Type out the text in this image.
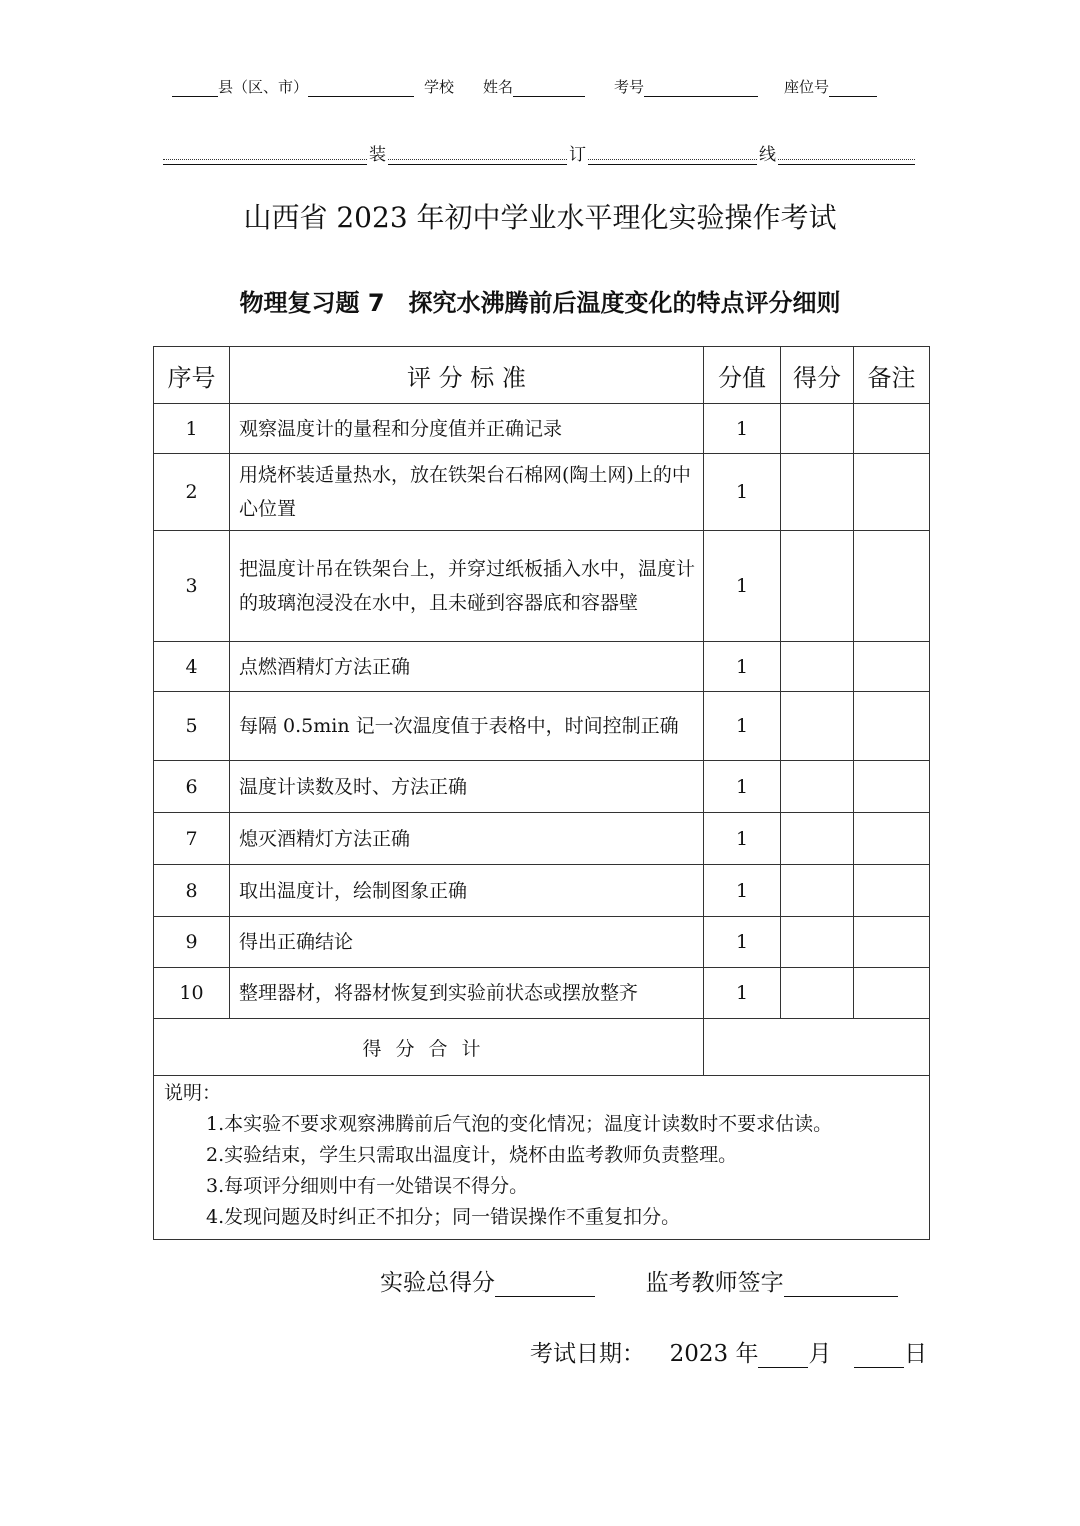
县（区、市）	学校 姓名	考号	座位号
装	订	线
山西省 2023 年初中学业水平理化实验操作考试
物理复习题 7　探究水沸腾前后温度变化的特点评分细则
序号	评 分 标 准	分值	得分	备注
1	观察温度计的量程和分度值并正确记录	1		
2	用烧杯装适量热水，放在铁架台石棉网(陶土网)上的中心位置	1		
3	把温度计吊在铁架台上，并穿过纸板插入水中，温度计的玻璃泡浸没在水中，且未碰到容器底和容器壁	1		
4	点燃酒精灯方法正确	1		
5	每隔 0.5min 记一次温度值于表格中，时间控制正确	1		
6	温度计读数及时、方法正确	1		
7	熄灭酒精灯方法正确	1		
8	取出温度计，绘制图象正确	1		
9	得出正确结论	1		
10	整理器材，将器材恢复到实验前状态或摆放整齐	1		
得分合计				

说明：
1.本实验不要求观察沸腾前后气泡的变化情况；温度计读数时不要求估读。
2.实验结束，学生只需取出温度计，烧杯由监考教师负责整理。
3.每项评分细则中有一处错误不得分。
4.发现问题及时纠正不扣分；同一错误操作不重复扣分。				
实验总得分	监考教师签字
考试日期： 2023 年 月	日
